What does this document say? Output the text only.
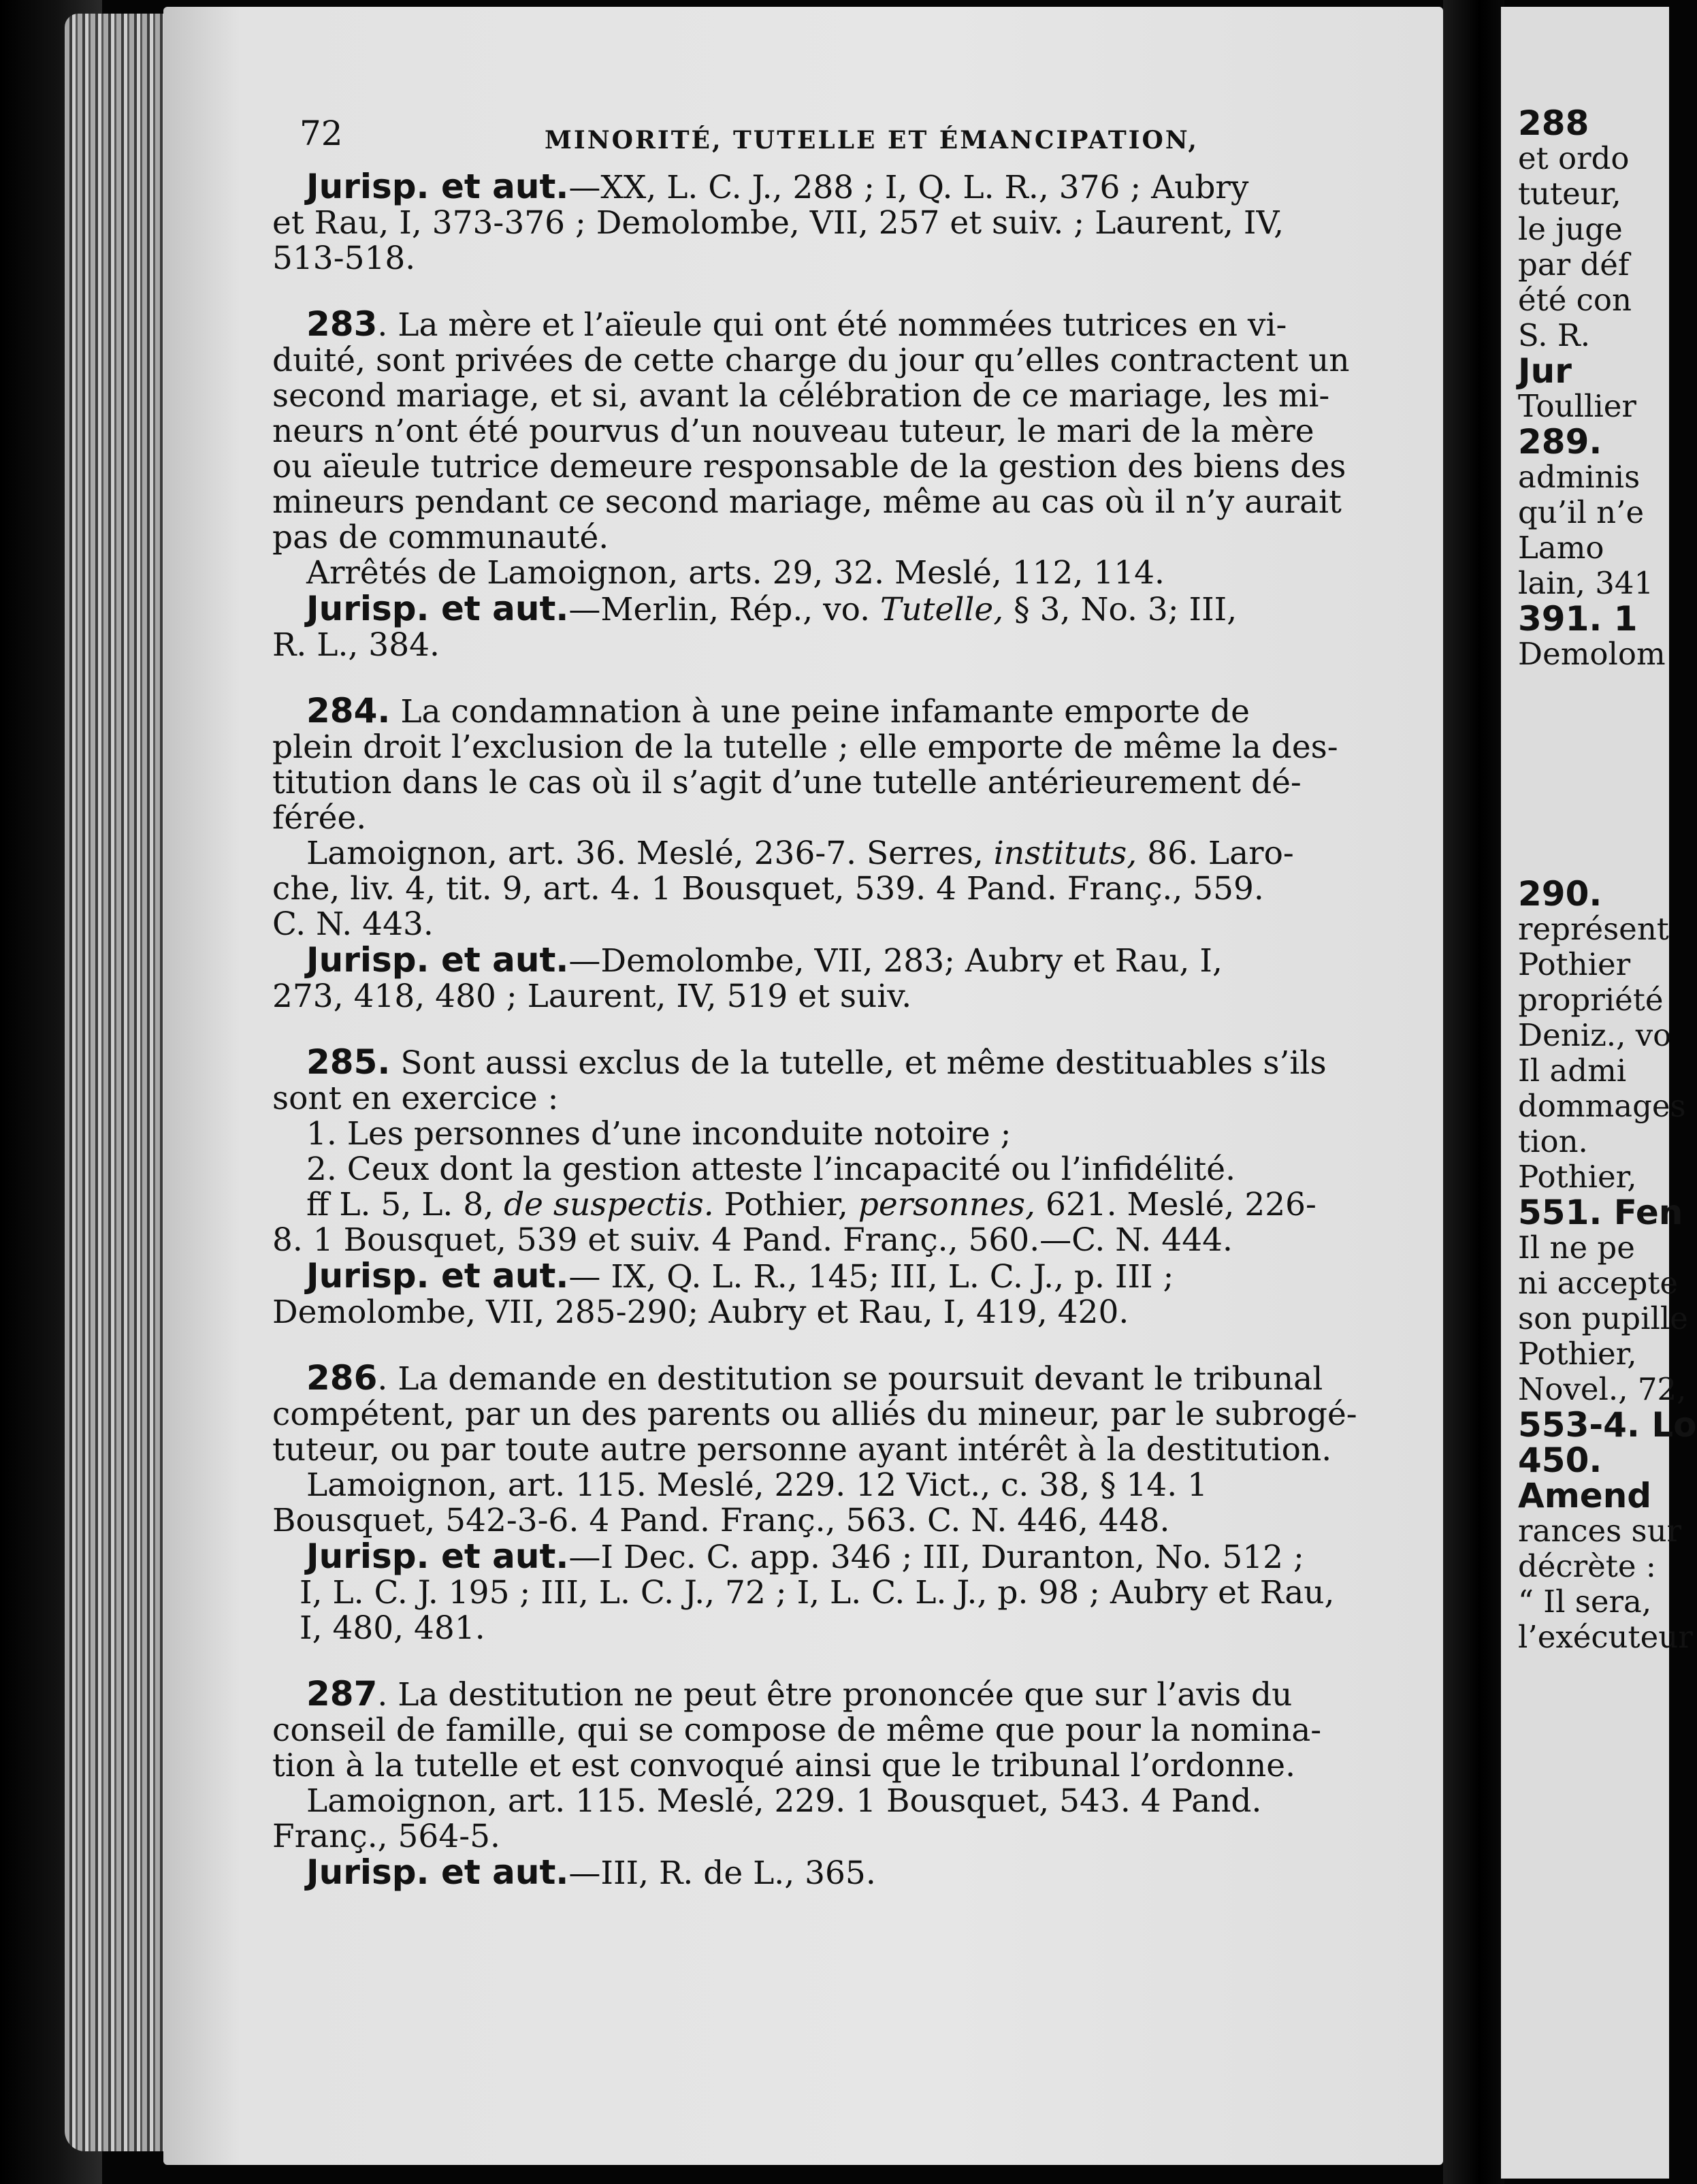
288
et ordo
tuteur,
le juge
par déf
été con
S. R.
Jur
Toullier
289.
adminis
qu’il n’e
Lamo
lain, 341
391. 1
Demolom
290.
représent
Pothier
propriété
Deniz., vo
Il admi
dommages
tion.
Pothier,
551. Fen
Il ne pe
ni accepte
son pupille
Pothier,
Novel., 72,
553-4. Lo
450.
Amend
rances sur
décrète :
“ Il sera,
l’exécuteur
72	MINORITÉ, TUTELLE ET ÉMANCIPATION,
Jurisp. et aut.—XX, L. C. J., 288 ; I, Q. L. R., 376 ; Aubry
et Rau, I, 373-376 ; Demolombe, VII, 257 et suiv. ; Laurent, IV,
513-518.
283. La mère et l’aïeule qui ont été nommées tutrices en vi-
duité, sont privées de cette charge du jour qu’elles contractent un
second mariage, et si, avant la célébration de ce mariage, les mi-
neurs n’ont été pourvus d’un nouveau tuteur, le mari de la mère
ou aïeule tutrice demeure responsable de la gestion des biens des
mineurs pendant ce second mariage, même au cas où il n’y aurait
pas de communauté.
Arrêtés de Lamoignon, arts. 29, 32. Meslé, 112, 114.
Jurisp. et aut.—Merlin, Rép., vo. Tutelle, § 3, No. 3; III,
R. L., 384.
284. La condamnation à une peine infamante emporte de
plein droit l’exclusion de la tutelle ; elle emporte de même la des-
titution dans le cas où il s’agit d’une tutelle antérieurement dé-
férée.
Lamoignon, art. 36. Meslé, 236-7. Serres, instituts, 86. Laro-
che, liv. 4, tit. 9, art. 4. 1 Bousquet, 539. 4 Pand. Franç., 559.
C. N. 443.
Jurisp. et aut.—Demolombe, VII, 283; Aubry et Rau, I,
273, 418, 480 ; Laurent, IV, 519 et suiv.
285. Sont aussi exclus de la tutelle, et même destituables s’ils
sont en exercice :
1. Les personnes d’une inconduite notoire ;
2. Ceux dont la gestion atteste l’incapacité ou l’infidélité.
ff L. 5, L. 8, de suspectis. Pothier, personnes, 621. Meslé, 226-
8. 1 Bousquet, 539 et suiv. 4 Pand. Franç., 560.—C. N. 444.
Jurisp. et aut.— IX, Q. L. R., 145; III, L. C. J., p. III ;
Demolombe, VII, 285-290; Aubry et Rau, I, 419, 420.
286. La demande en destitution se poursuit devant le tribunal
compétent, par un des parents ou alliés du mineur, par le subrogé-
tuteur, ou par toute autre personne ayant intérêt à la destitution.
Lamoignon, art. 115. Meslé, 229. 12 Vict., c. 38, § 14. 1
Bousquet, 542-3-6. 4 Pand. Franç., 563. C. N. 446, 448.
Jurisp. et aut.—I Dec. C. app. 346 ; III, Duranton, No. 512 ;
I, L. C. J. 195 ; III, L. C. J., 72 ; I, L. C. L. J., p. 98 ; Aubry et Rau,
I, 480, 481.
287. La destitution ne peut être prononcée que sur l’avis du
conseil de famille, qui se compose de même que pour la nomina-
tion à la tutelle et est convoqué ainsi que le tribunal l’ordonne.
Lamoignon, art. 115. Meslé, 229. 1 Bousquet, 543. 4 Pand.
Franç., 564-5.
Jurisp. et aut.—III, R. de L., 365.
